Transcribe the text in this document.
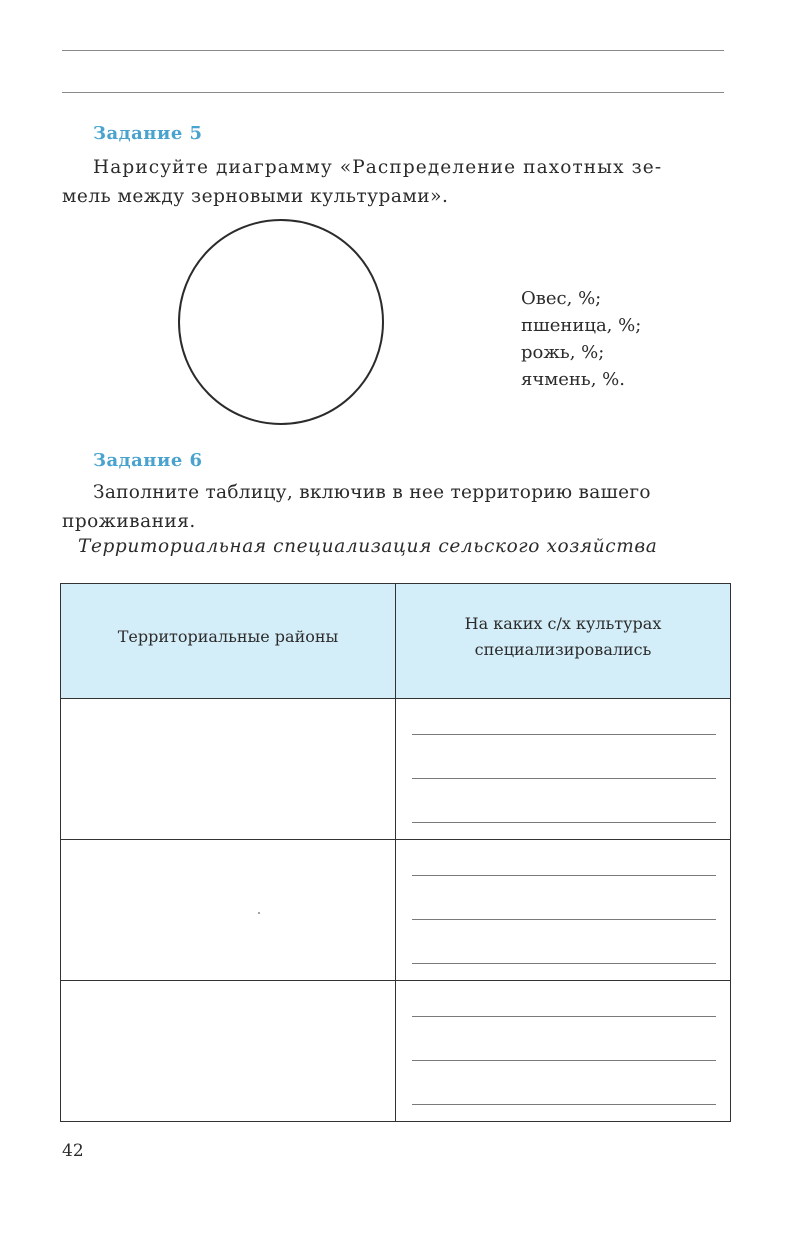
Задание 5
Нарисуйте диаграмму «Распределение пахотных зе-
мель между зерновыми культурами».
Овес, %;
пшеница, %;
рожь, %;
ячмень, %.
Задание 6
Заполните таблицу, включив в нее территорию вашего
проживания.
Территориальная специализация сельского хозяйства
Территориальные районы	На каких с/х культурах специализировались

42
